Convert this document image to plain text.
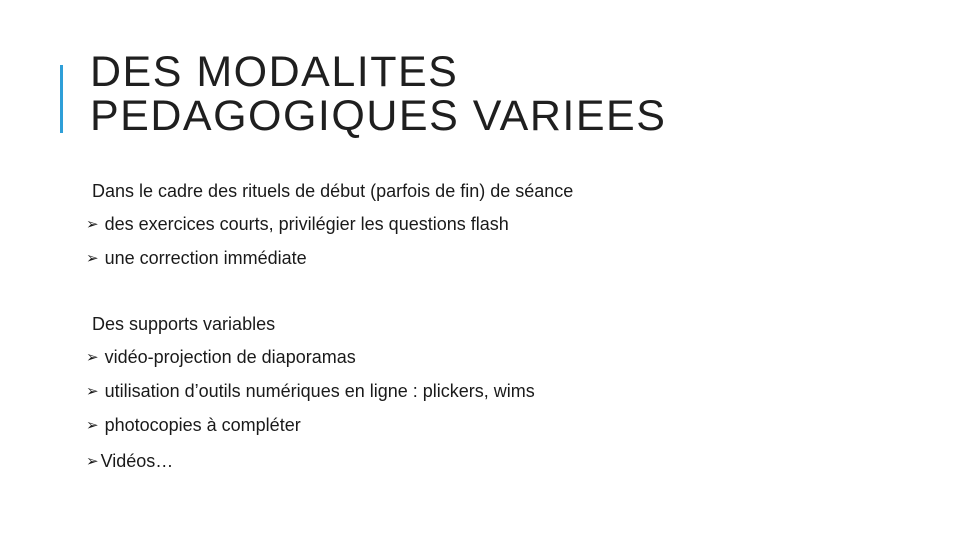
DES MODALITES
PEDAGOGIQUES VARIEES
Dans le cadre des rituels de début (parfois de fin) de séance
➢ des exercices courts, privilégier les questions flash
➢ une correction immédiate
Des supports variables
➢ vidéo-projection de diaporamas
➢ utilisation d’outils numériques en ligne : plickers, wims
➢ photocopies à compléter
➢ Vidéos…
